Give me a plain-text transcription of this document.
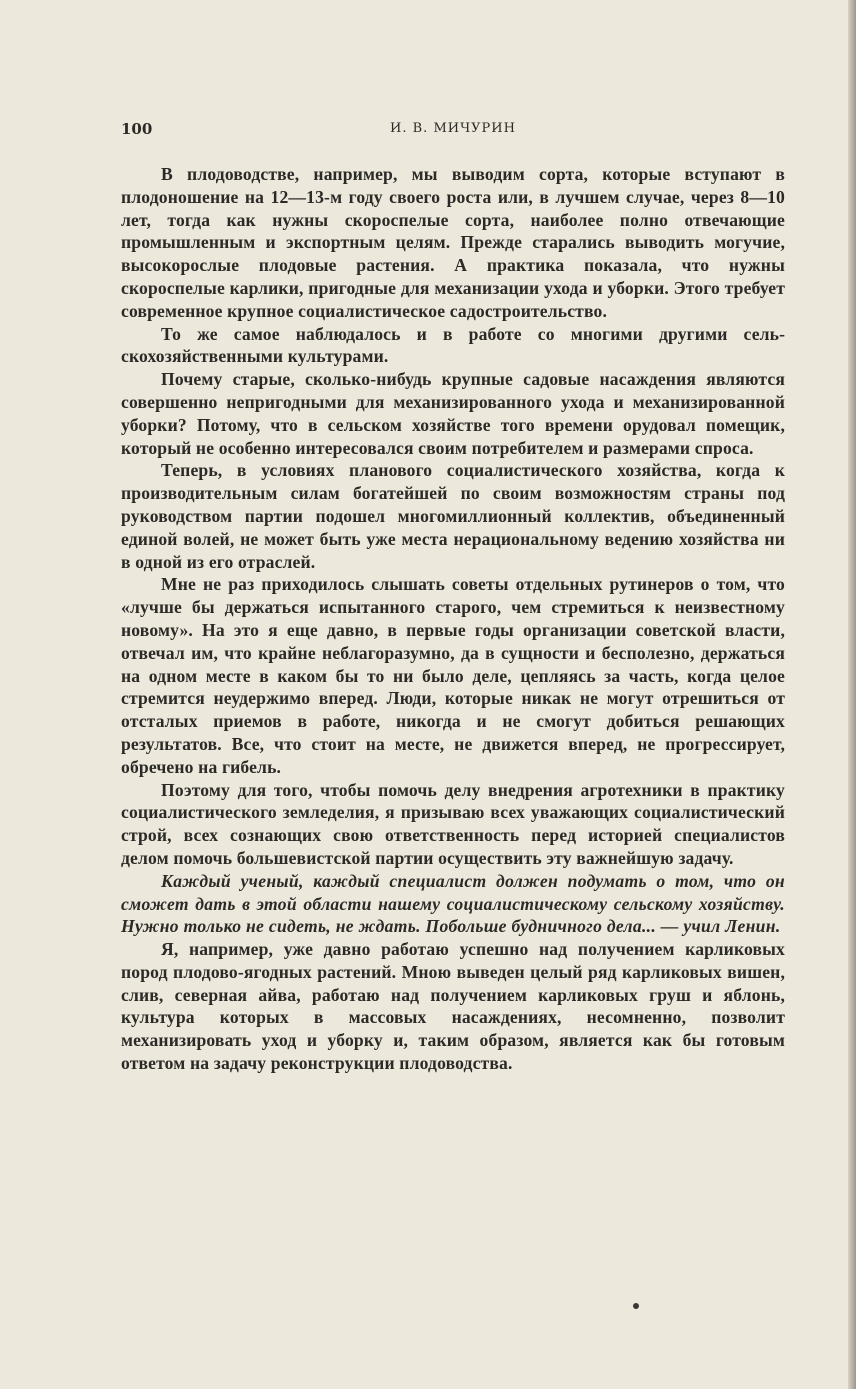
100	И. В. МИЧУРИН

В плодоводстве, например, мы выводим сорта, которые вступают в плодоношение на 12—13-м году своего роста или, в лучшем случае, через 8—10 лет, тогда как нужны скороспелые сорта, наиболее полно отвечающие промышленным и экспортным целям. Прежде старались выводить могучие, высокорослые плодовые растения. А практика показала, что нужны скороспелые карлики, пригодные для механизации ухода и уборки. Этого требует современное крупное социалистическое садостроительство.

То же самое наблюдалось и в работе со многими другими сельскохозяйственными культурами.

Почему старые, сколько-нибудь крупные садовые насаждения являются совершенно непригодными для механизированного ухода и механизированной уборки? Потому, что в сельском хозяйстве того времени орудовал помещик, который не особенно интересовался своим потребителем и размерами спроса.

Теперь, в условиях планового социалистического хозяйства, когда к производительным силам богатейшей по своим возможностям страны под руководством партии подошел многомиллионный коллектив, объединенный единой волей, не может быть уже места нерациональному ведению хозяйства ни в одной из его отраслей.

Мне не раз приходилось слышать советы отдельных рутинеров о том, что «лучше бы держаться испытанного старого, чем стремиться к неизвестному новому». На это я еще давно, в первые годы организации советской власти, отвечал им, что крайне неблагоразумно, да в сущности и бесполезно, держаться на одном месте в каком бы то ни было деле, цепляясь за часть, когда целое стремится неудержимо вперед. Люди, которые никак не могут отрешиться от отсталых приемов в работе, никогда и не смогут добиться решающих результатов. Все, что стоит на месте, не движется вперед, не прогрессирует, обречено на гибель.

Поэтому для того, чтобы помочь делу внедрения агротехники в практику социалистического земледелия, я призываю всех уважающих социалистический строй, всех сознающих свою ответственность перед историей специалистов делом помочь большевистской партии осуществить эту важнейшую задачу.

Каждый ученый, каждый специалист должен подумать о том, что он сможет дать в этой области нашему социалистическому сельскому хозяйству. Нужно только не сидеть, не ждать. Побольше будничного дела... — учил Ленин.

Я, например, уже давно работаю успешно над получением карликовых пород плодово-ягодных растений. Мною выведен целый ряд карликовых вишен, слив, северная айва, работаю над получением карликовых груш и яблонь, культура которых в массовых насаждениях, несомненно, позволит механизировать уход и уборку и, таким образом, является как бы готовым ответом на задачу реконструкции плодоводства.
